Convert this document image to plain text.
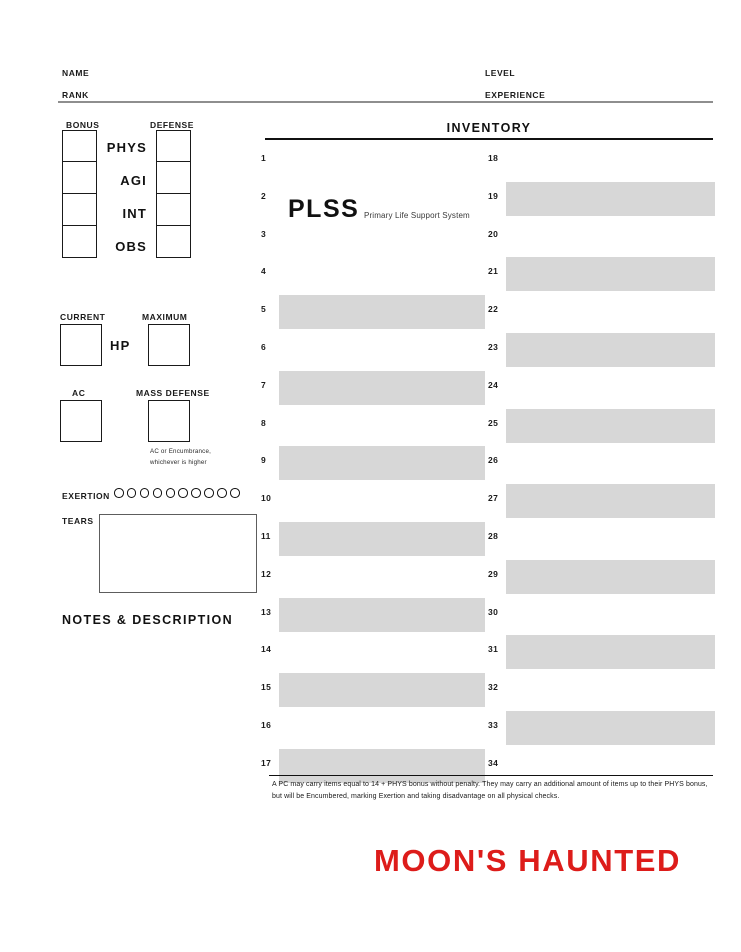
NAME	LEVEL
RANK	EXPERIENCE
BONUS	DEFENSE
PHYS
AGI
INT
OBS
CURRENT	MAXIMUM
HP
AC	MASS DEFENSE
AC or Encumbrance, whichever is higher
EXERTION
TEARS
NOTES & DESCRIPTION
INVENTORY
1
2
3
4
5
6
7
8
9
10
11
12
13
14
15
16
17
18
19
20
21
22
23
24
25
26
27
28
29
30
31
32
33
34
PLSS Primary Life Support System
A PC may carry items equal to 14 + PHYS bonus without penalty. They may carry an additional amount of items up to their PHYS bonus, but will be Encumbered, marking Exertion and taking disadvantage on all physical checks.
MOON'S HAUNTED
